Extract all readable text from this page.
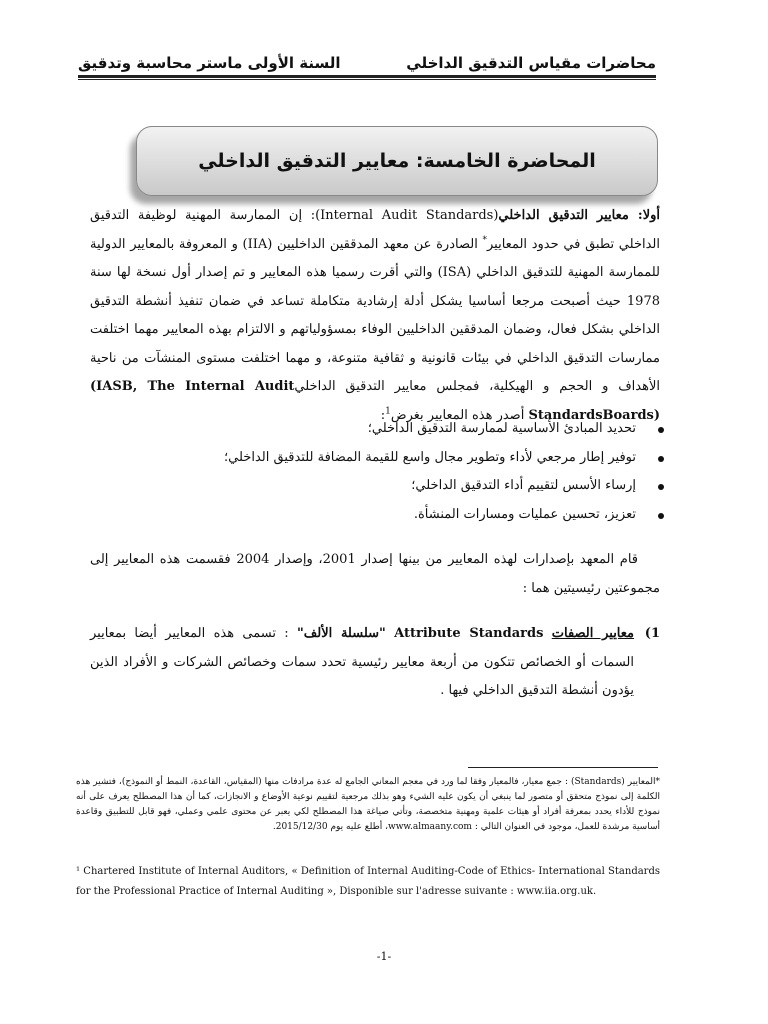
السنة الأولى ماستر محاسبة وتدقيق	محاضرات مقياس التدقيق الداخلي
المحاضرة الخامسة: معايير التدقيق الداخلي

أولا: معايير التدقيق الداخلي(Internal Audit Standards): إن الممارسة المهنية لوظيفة التدقيق الداخلي تطبق في حدود المعايير* الصادرة عن معهد المدققين الداخليين (IIA) و المعروفة بالمعايير الدولية للممارسة المهنية للتدقيق الداخلي (ISA) والتي أقرت رسميا هذه المعايير و تم إصدار أول نسخة لها سنة 1978 حيث أصبحت مرجعا أساسيا يشكل أدلة إرشادية متكاملة تساعد في ضمان تنفيذ أنشطة التدقيق الداخلي بشكل فعال، وضمان المدققين الداخليين الوفاء بمسؤولياتهم و الالتزام بهذه المعايير مهما اختلفت ممارسات التدقيق الداخلي في بيئات قانونية و ثقافية متنوعة، و مهما اختلفت مستوى المنشآت من ناحية الأهداف و الحجم و الهيكلية، فمجلس معايير التدقيق الداخلي(IASB, The Internal Audit StandardsBoards) أصدر هذه المعايير بغرض$^1$:

تحديد المبادئ الأساسية لممارسة التدقيق الداخلي؛
توفير إطار مرجعي لأداء وتطوير مجال واسع للقيمة المضافة للتدقيق الداخلي؛
إرساء الأسس لتقييم أداء التدقيق الداخلي؛
تعزيز، تحسين عمليات ومسارات المنشأة.

قام المعهد بإصدارات لهذه المعايير من بينها إصدار 2001، وإصدار 2004 فقسمت هذه المعايير إلى مجموعتين رئيسيتين هما :

1)
معايير الصفات Attribute Standards "سلسلة الألف" : تسمى هذه المعايير أيضا بمعايير السمات أو الخصائص تتكون من أربعة معايير رئيسية تحدد سمات وخصائص الشركات و الأفراد الذين يؤدون أنشطة التدقيق الداخلي فيها .

*المعايير (Standards) : جمع معيار، فالمعيار وفقا لما ورد في معجم المعاني الجامع له عدة مرادفات منها (المقياس، القاعدة، النمط أو النموذج)، فتشير هذه الكلمة إلى نموذج متحقق أو متصور لما ينبغي أن يكون عليه الشيء وهو بذلك مرجعية لتقييم نوعية الأوضاع و الانجازات، كما أن هذا المصطلح يعرف على أنه نموذج للأداء يحدد بمعرفة أفراد أو هيئات علمية ومهنية متخصصة، وتأتي صياغة هذا المصطلح لكي يعبر عن محتوى علمي وعملي، فهو قابل للتطبيق وقاعدة أساسية مرشدة للعمل، موجود في العنوان التالي : www.almaany.com، أطلع عليه يوم 2015/12/30.

¹ Chartered Institute of Internal Auditors, « Definition of Internal Auditing-Code of Ethics- International Standards for the Professional Practice of Internal Auditing », Disponible sur l'adresse suivante : www.iia.org.uk.

-1-
